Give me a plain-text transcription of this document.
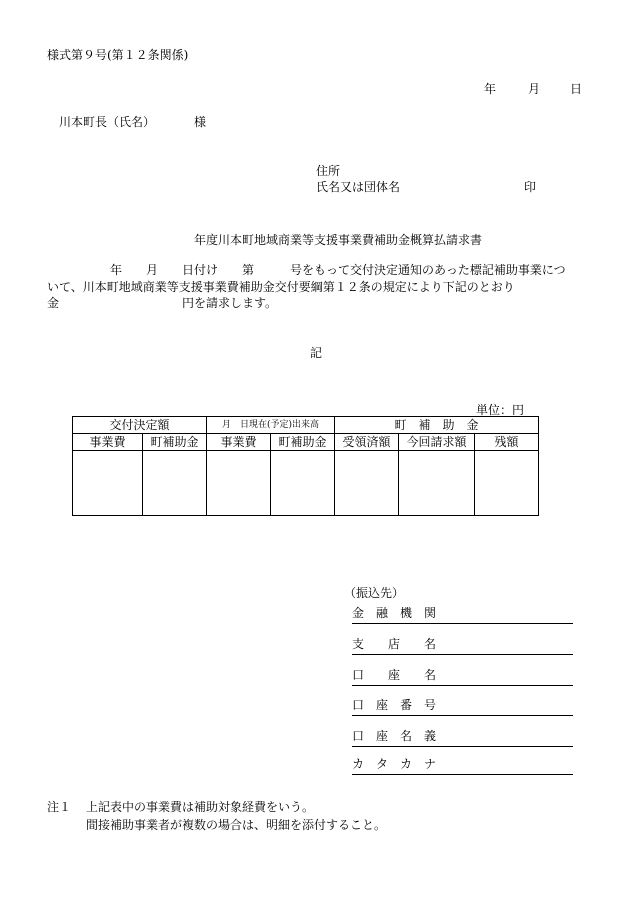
様式第９号(第１２条関係)
年	月 日
川本町長（氏名）	様
住所
氏名又は団体名	印
年度川本町地域商業等支援事業費補助金概算払請求書
年 月 日付け 第	号をもって交付決定通知のあった標記補助事業につ
いて、川本町地域商業等支援事業費補助金交付要綱第１２条の規定により下記のとおり
金	円を請求します。
記
単位：円
交付決定額		月　日現在(予定)出来高		町　補　助　金		
事業費	町補助金	事業費	町補助金	受領済額	今回請求額	残額

（振込先）
金　融　機　関
支　　店　　名
口　　座　　名
口　座　番　号
口　座　名　義
カ　タ　カ　ナ
注１ 上記表中の事業費は補助対象経費をいう。
間接補助事業者が複数の場合は、明細を添付すること。
